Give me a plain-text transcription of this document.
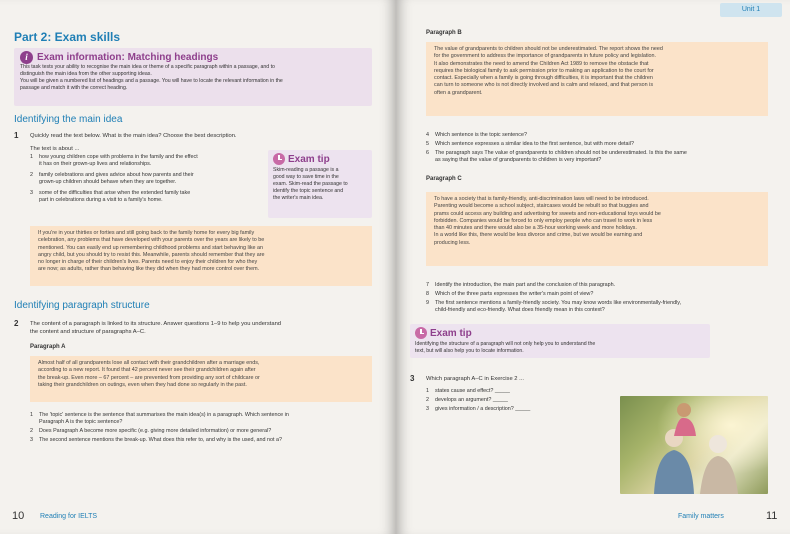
Part 2: Exam skills
i Exam information: Matching headings
This task tests your ability to recognise the main idea or theme of a specific paragraph within a passage, and to
distinguish the main idea from the other supporting ideas.
You will be given a numbered list of headings and a passage. You will have to locate the relevant information in the
passage and match it with the correct heading.
Identifying the main idea
1 Quickly read the text below. What is the main idea? Choose the best description.
The text is about ...
1 how young children cope with problems in the family and the effect
it has on their grown-up lives and relationships.
2 family celebrations and gives advice about how parents and their
grown-up children should behave when they are together.
3 some of the difficulties that arise when the extended family take
part in celebrations during a visit to a family's home.
Exam tip
Skim-reading a passage is a
good way to save time in the
exam. Skim-read the passage to
identify the topic sentence and
the writer's main idea.
If you're in your thirties or forties and still going back to the family home for every big family
celebration, any problems that have developed with your parents over the years are likely to be
mentioned. You can easily end up remembering childhood problems and start behaving like an
angry child, but you should try to resist this. Meanwhile, parents should remember that they are
no longer in charge of their children's lives. Parents need to enjoy their children for who they
are now; as adults, rather than behaving like they did when they had more control over them.
Identifying paragraph structure
2 The content of a paragraph is linked to its structure. Answer questions 1–9 to help you understand
the content and structure of paragraphs A–C.
Paragraph A
Almost half of all grandparents lose all contact with their grandchildren after a marriage ends,
according to a new report. It found that 42 percent never see their grandchildren again after
the break-up. Even more – 67 percent – are prevented from providing any sort of childcare or
taking their grandchildren on outings, even when they had done so regularly in the past.
1 The 'topic' sentence is the sentence that summarises the main idea(s) in a paragraph. Which sentence in
Paragraph A is the topic sentence?
2 Does Paragraph A become more specific (e.g. giving more detailed information) or more general?
3 The second sentence mentions the break-up. What does this refer to, and why is the used, and not a?
10 Reading for IELTS
Unit 1
Paragraph B
The value of grandparents to children should not be underestimated. The report shows the need
for the government to address the importance of grandparents in future policy and legislation.
It also demonstrates the need to amend the Children Act 1989 to remove the obstacle that
requires the biological family to ask permission prior to making an application to the court for
contact. Especially when a family is going through difficulties, it is important that the children
can turn to someone who is not directly involved and is calm and relaxed, and that person is
often a grandparent.
4 Which sentence is the topic sentence?
5 Which sentence expresses a similar idea to the first sentence, but with more detail?
6 The paragraph says The value of grandparents to children should not be underestimated. Is this the same
as saying that the value of grandparents to children is very important?
Paragraph C
To have a society that is family-friendly, anti-discrimination laws will need to be introduced.
Parenting would become a school subject, staircases would be rebuilt so that buggies and
prams could access any building and advertising for sweets and non-educational toys would be
forbidden. Companies would be forced to only employ people who can travel to work in less
than 40 minutes and there would also be a 35-hour working week and more holidays.
In a world like this, there would be less divorce and crime, but we would be earning and
producing less.
7 Identify the introduction, the main part and the conclusion of this paragraph.
8 Which of the three parts expresses the writer's main point of view?
9 The first sentence mentions a family-friendly society. You may know words like environmentally-friendly,
child-friendly and eco-friendly. What does friendly mean in this context?
Exam tip
Identifying the structure of a paragraph will not only help you to understand the
text, but will also help you to locate information.
3 Which paragraph A–C in Exercise 2 ...
1 states cause and effect? _____
2 develops an argument? _____
3 gives information / a description? _____
Family matters	11
